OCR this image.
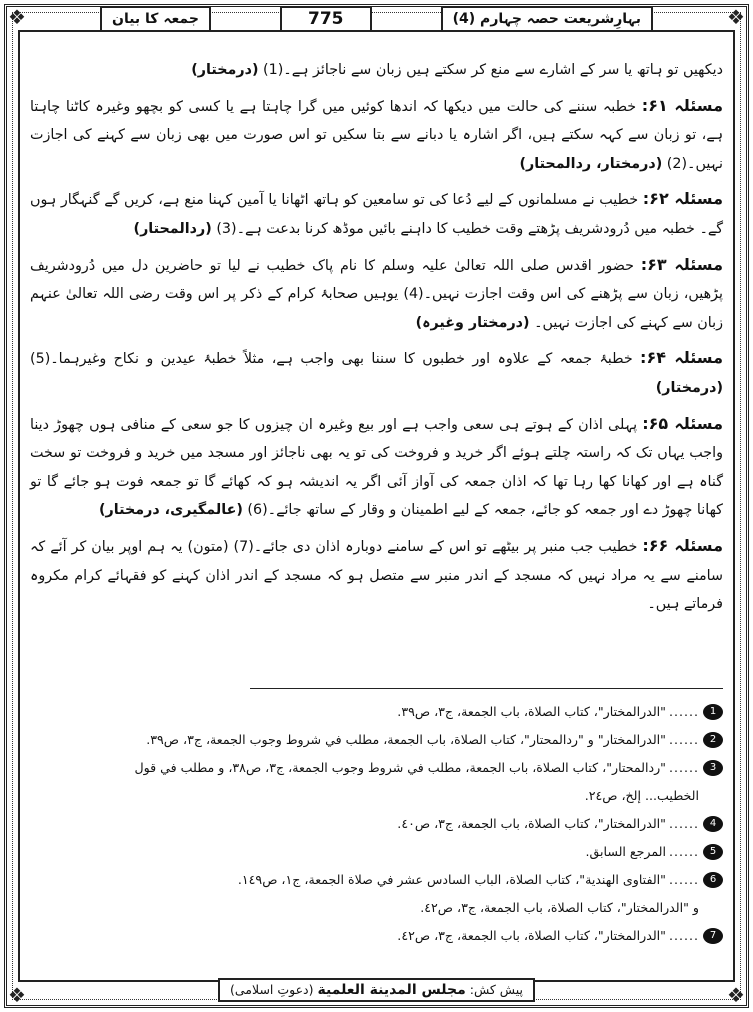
❖	❖
❖	❖
بہارِشریعت حصہ چہارم (4)
775
جمعہ کا بیان

دیکھیں تو ہاتھ یا سر کے اشارے سے منع کر سکتے ہیں زبان سے ناجائز ہے۔(1) (درمختار)

مسئلہ ۶۱: خطبہ سننے کی حالت میں دیکھا کہ اندھا کوئیں میں گرا چاہتا ہے یا کسی کو بچھو وغیرہ کاٹنا چاہتا ہے، تو زبان سے کہہ سکتے ہیں، اگر اشارہ یا دبانے سے بتا سکیں تو اس صورت میں بھی زبان سے کہنے کی اجازت نہیں۔(2) (درمختار، ردالمحتار)

مسئلہ ۶۲: خطیب نے مسلمانوں کے لیے دُعا کی تو سامعین کو ہاتھ اٹھانا یا آمین کہنا منع ہے، کریں گے گنہگار ہوں گے۔ خطبہ میں دُرودشریف پڑھتے وقت خطیب کا داہنے بائیں موڈھ کرنا بدعت ہے۔(3) (ردالمحتار)

مسئلہ ۶۳: حضور اقدس صلی اللہ تعالیٰ علیہ وسلم کا نام پاک خطیب نے لیا تو حاضرین دل میں دُرودشریف پڑھیں، زبان سے پڑھنے کی اس وقت اجازت نہیں۔(4) یوہیں صحابۂ کرام کے ذکر پر اس وقت رضی اللہ تعالیٰ عنہم زبان سے کہنے کی اجازت نہیں۔ (درمختار وغیرہ)

مسئلہ ۶۴: خطبۂ جمعہ کے علاوہ اور خطبوں کا سننا بھی واجب ہے، مثلاً خطبۂ عیدین و نکاح وغیرہما۔(5) (درمختار)

مسئلہ ۶۵: پہلی اذان کے ہوتے ہی سعی واجب ہے اور بیع وغیرہ ان چیزوں کا جو سعی کے منافی ہوں چھوڑ دینا واجب یہاں تک کہ راستہ چلتے ہوئے اگر خرید و فروخت کی تو یہ بھی ناجائز اور مسجد میں خرید و فروخت تو سخت گناہ ہے اور کھانا کھا رہا تھا کہ اذان جمعہ کی آواز آئی اگر یہ اندیشہ ہو کہ کھائے گا تو جمعہ فوت ہو جائے گا تو کھانا چھوڑ دے اور جمعہ کو جائے، جمعہ کے لیے اطمینان و وقار کے ساتھ جائے۔(6) (عالمگیری، درمختار)

مسئلہ ۶۶: خطیب جب منبر پر بیٹھے تو اس کے سامنے دوبارہ اذان دی جائے۔(7) (متون) یہ ہم اوپر بیان کر آئے کہ سامنے سے یہ مراد نہیں کہ مسجد کے اندر منبر سے متصل ہو کہ مسجد کے اندر اذان کہنے کو فقہائے کرام مکروہ فرماتے ہیں۔

1
......
"الدرالمختار"، كتاب الصلاة، باب الجمعة، ج٣، ص٣٩.
2
......
"الدرالمختار" و "ردالمحتار"، كتاب الصلاة، باب الجمعة، مطلب في شروط وجوب الجمعة، ج٣، ص٣٩.
3
......
"ردالمحتار"، كتاب الصلاة، باب الجمعة، مطلب في شروط وجوب الجمعة، ج٣، ص٣٨، و مطلب في قول
الخطيب... إلخ، ص٢٤.
4
......
"الدرالمختار"، كتاب الصلاة، باب الجمعة، ج٣، ص٤٠.
5
......
المرجع السابق.
6
......
"الفتاوى الهندية"، كتاب الصلاة، الباب السادس عشر في صلاة الجمعة، ج١، ص١٤٩.
و "الدرالمختار"، كتاب الصلاة، باب الجمعة، ج٣، ص٤٢.
7
......
"الدرالمختار"، كتاب الصلاة، باب الجمعة، ج٣، ص٤٢.
پیش کش: مجلس المدينة العلمية (دعوتِ اسلامی)
